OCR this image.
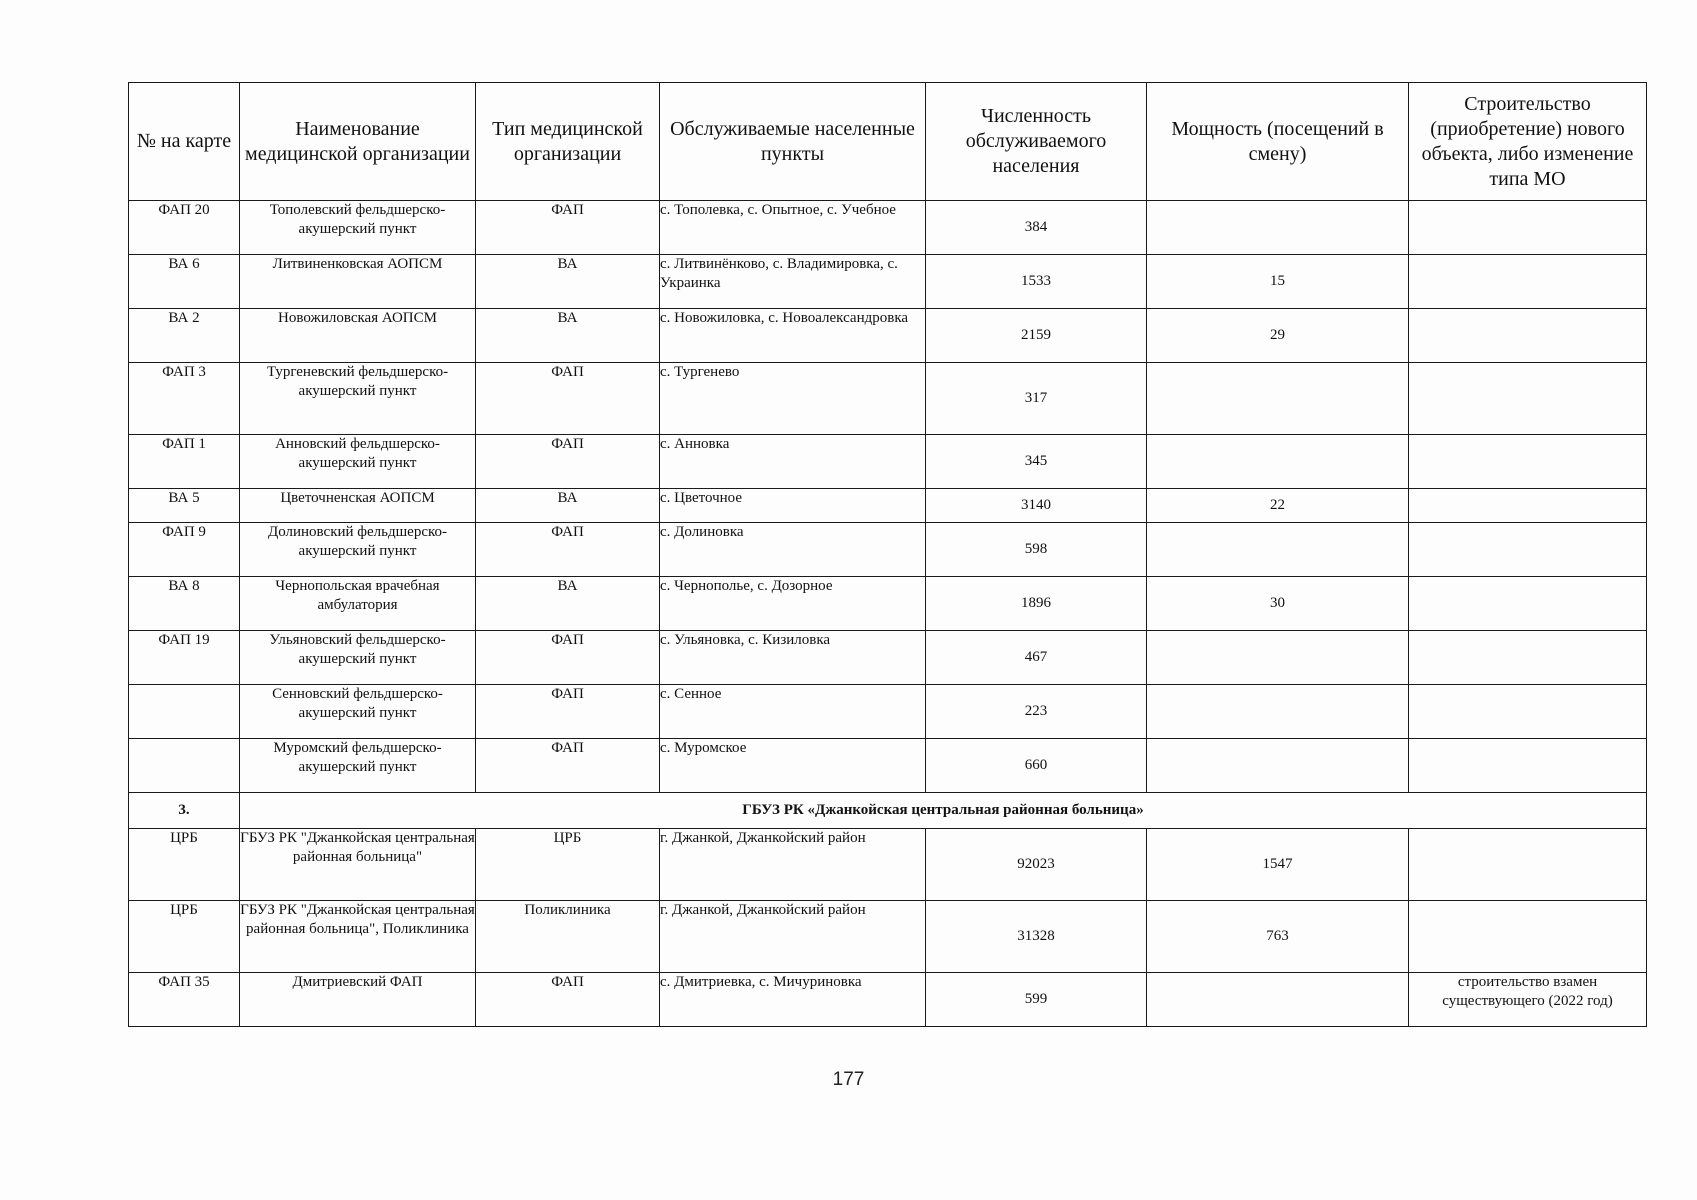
№ на карте	Наименование медицинской организации	Тип медицинской организации	Обслуживаемые населенные пункты	Численность обслуживаемого населения	Мощность (посещений в смену)	Строительство (приобретение) нового объекта, либо изменение типа МО
ФАП 20	Тополевский фельдшерско-акушерский пункт	ФАП	с. Тополевка, с. Опытное, с. Учебное	384		
ВА 6	Литвиненковская АОПСМ	ВА	с. Литвинёнково, с. Владимировка, с. Украинка	1533	15	
ВА 2	Новожиловская АОПСМ	ВА	с. Новожиловка, с. Новоалександровка	2159	29	
ФАП 3	Тургеневский фельдшерско-акушерский пункт	ФАП	с. Тургенево	317		
ФАП 1	Анновский фельдшерско-акушерский пункт	ФАП	с. Анновка	345		
ВА 5	Цветочненская АОПСМ	ВА	с. Цветочное	3140	22	
ФАП 9	Долиновский фельдшерско-акушерский пункт	ФАП	с. Долиновка	598		
ВА 8	Чернопольская врачебная амбулатория	ВА	с. Чернополье, с. Дозорное	1896	30	
ФАП 19	Ульяновский фельдшерско-акушерский пункт	ФАП	с. Ульяновка, с. Кизиловка	467		
	Сенновский фельдшерско-акушерский пункт	ФАП	с. Сенное	223		
	Муромский фельдшерско-акушерский пункт	ФАП	с. Муромское	660		
3.	ГБУЗ РК «Джанкойская центральная районная больница»					
ЦРБ	ГБУЗ РК "Джанкойская центральная районная больница"	ЦРБ	г. Джанкой, Джанкойский район	92023	1547	
ЦРБ	ГБУЗ РК "Джанкойская центральная районная больница", Поликлиника	Поликлиника	г. Джанкой, Джанкойский район	31328	763	
ФАП 35	Дмитриевский ФАП	ФАП	с. Дмитриевка, с. Мичуриновка	599		строительство взамен существующего (2022 год)
177
